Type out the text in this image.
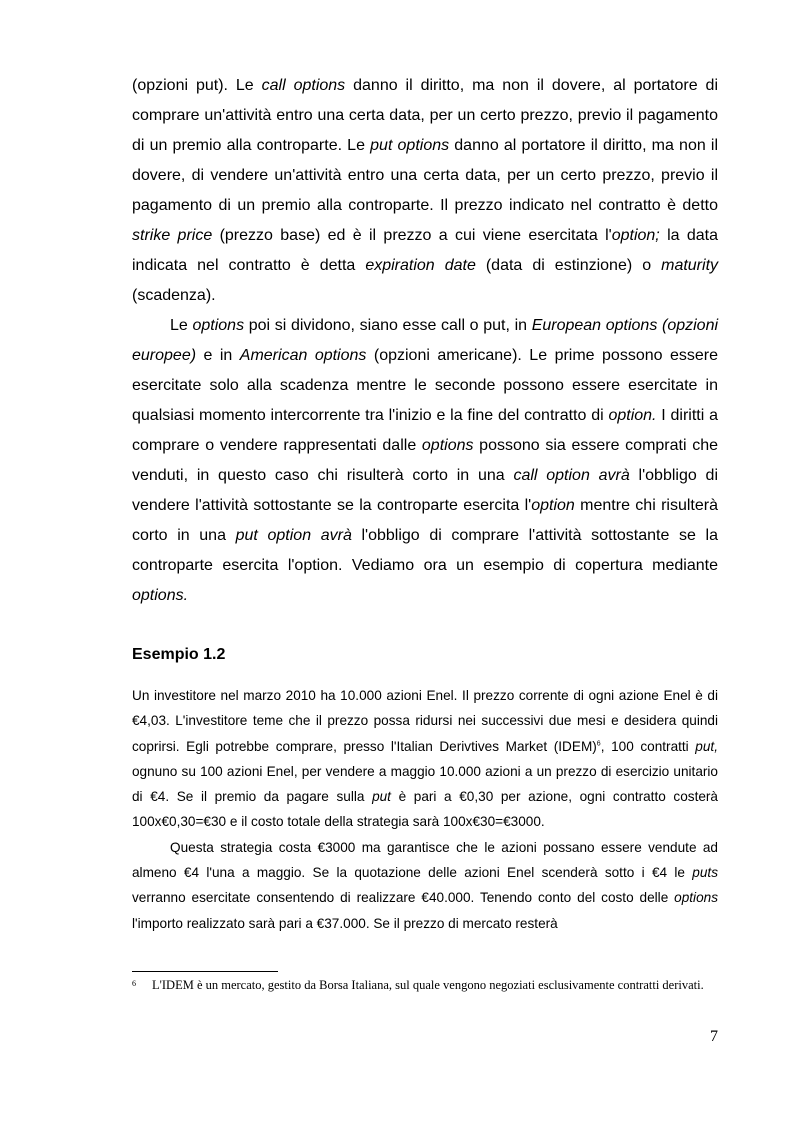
(opzioni put). Le call options danno il diritto, ma non il dovere, al portatore di comprare un'attività entro una certa data, per un certo prezzo, previo il pagamento di un premio alla controparte. Le put options danno al portatore il diritto, ma non il dovere, di vendere un'attività entro una certa data, per un certo prezzo, previo il pagamento di un premio alla controparte. Il prezzo indicato nel contratto è detto strike price (prezzo base) ed è il prezzo a cui viene esercitata l'option; la data indicata nel contratto è detta expiration date (data di estinzione) o maturity (scadenza).

Le options poi si dividono, siano esse call o put, in European options (opzioni europee) e in American options (opzioni americane). Le prime possono essere esercitate solo alla scadenza mentre le seconde possono essere esercitate in qualsiasi momento intercorrente tra l'inizio e la fine del contratto di option. I diritti a comprare o vendere rappresentati dalle options possono sia essere comprati che venduti, in questo caso chi risulterà corto in una call option avrà l'obbligo di vendere l'attività sottostante se la controparte esercita l'option mentre chi risulterà corto in una put option avrà l'obbligo di comprare l'attività sottostante se la controparte esercita l'option. Vediamo ora un esempio di copertura mediante options.

Esempio 1.2

Un investitore nel marzo 2010 ha 10.000 azioni Enel. Il prezzo corrente di ogni azione Enel è di €4,03. L'investitore teme che il prezzo possa ridursi nei successivi due mesi e desidera quindi coprirsi. Egli potrebbe comprare, presso l'Italian Derivtives Market (IDEM)$^6$, 100 contratti put, ognuno su 100 azioni Enel, per vendere a maggio 10.000 azioni a un prezzo di esercizio unitario di €4. Se il premio da pagare sulla put è pari a €0,30 per azione, ogni contratto costerà 100x€0,30=€30 e il costo totale della strategia sarà 100x€30=€3000.

Questa strategia costa €3000 ma garantisce che le azioni possano essere vendute ad almeno €4 l'una a maggio. Se la quotazione delle azioni Enel scenderà sotto i €4 le puts verranno esercitate consentendo di realizzare €40.000. Tenendo conto del costo delle options l'importo realizzato sarà pari a €37.000. Se il prezzo di mercato resterà

6	L'IDEM è un mercato, gestito da Borsa Italiana, sul quale vengono negoziati esclusivamente contratti derivati.
7
